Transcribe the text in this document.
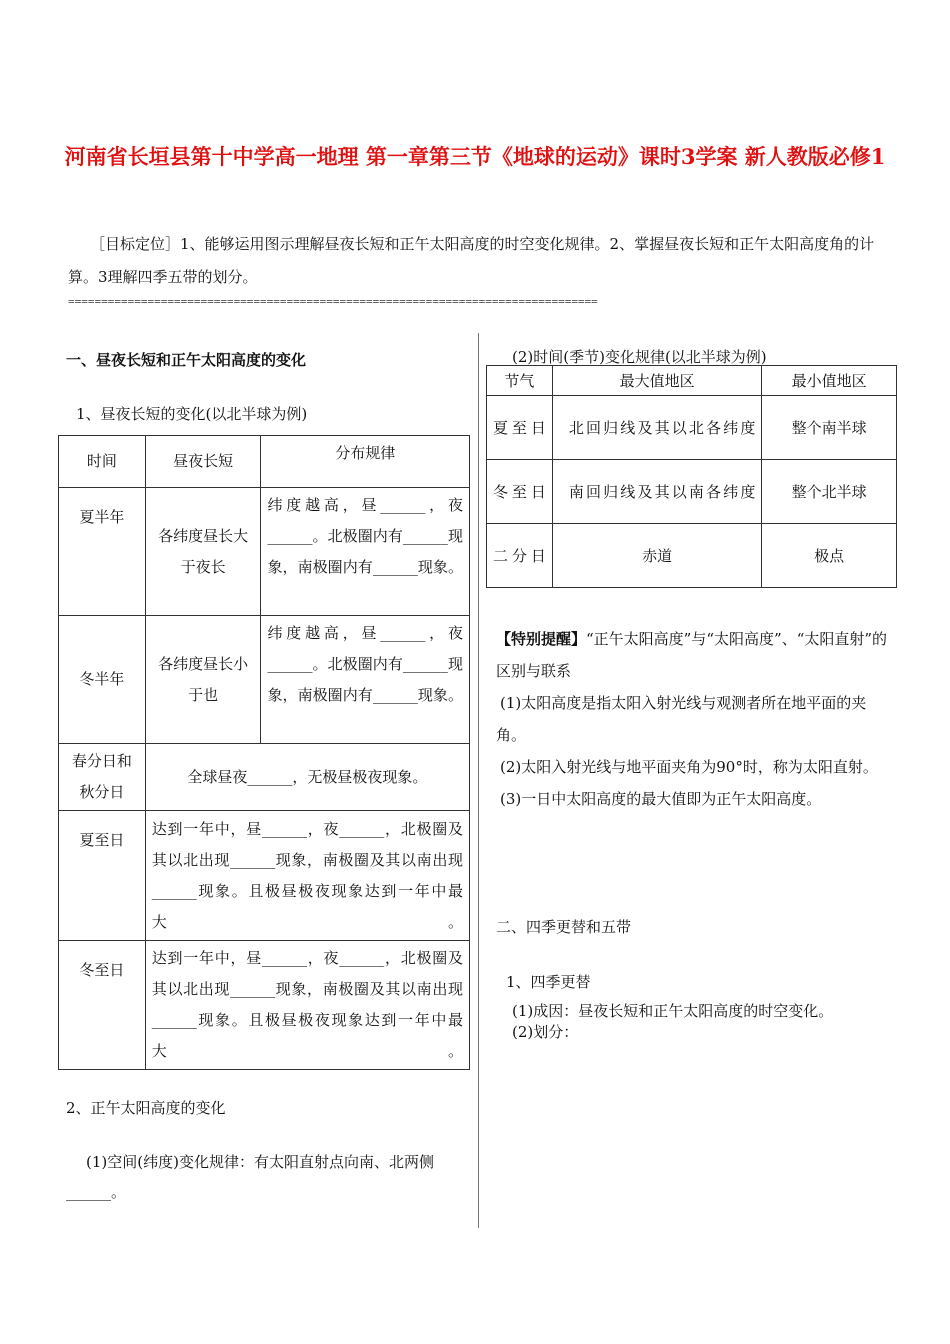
河南省长垣县第十中学高一地理 第一章第三节《地球的运动》课时3学案 新人教版必修1
［目标定位］1、能够运用图示理解昼夜长短和正午太阳高度的时空变化规律。2、掌握昼夜长短和正午太阳高度角的计算。3理解四季五带的划分。
================================================================================
一、昼夜长短和正午太阳高度的变化
1、昼夜长短的变化(以北半球为例)
时间	昼夜长短	分布规律
夏半年	各纬度昼长大于夜长	纬度越高，昼______，夜______。北极圈内有______现象，南极圈内有______现象。
冬半年	各纬度昼长小于也	纬度越高，昼______，夜______。北极圈内有______现象，南极圈内有______现象。
春分日和秋分日	全球昼夜______，无极昼极夜现象。	
夏至日	达到一年中，昼______，夜______，北极圈及其以北出现______现象，南极圈及其以南出现______现象。且极昼极夜现象达到一年中最大。	
冬至日	达到一年中，昼______，夜______，北极圈及其以北出现______现象，南极圈及其以南出现______现象。且极昼极夜现象达到一年中最大。	
2、正午太阳高度的变化
(1)空间(纬度)变化规律：有太阳直射点向南、北两侧______。
(2)时间(季节)变化规律(以北半球为例)
节气	最大值地区	最小值地区
夏至日	北回归线及其以北各纬度	整个南半球
冬至日	南回归线及其以南各纬度	整个北半球
二分日	赤道	极点

【特别提醒】“正午太阳高度”与“太阳高度”、“太阳直射”的区别与联系

(1)太阳高度是指太阳入射光线与观测者所在地平面的夹角。

(2)太阳入射光线与地平面夹角为90°时，称为太阳直射。

(3)一日中太阳高度的最大值即为正午太阳高度。

二、四季更替和五带
1、四季更替
(1)成因：昼夜长短和正午太阳高度的时空变化。
(2)划分：
